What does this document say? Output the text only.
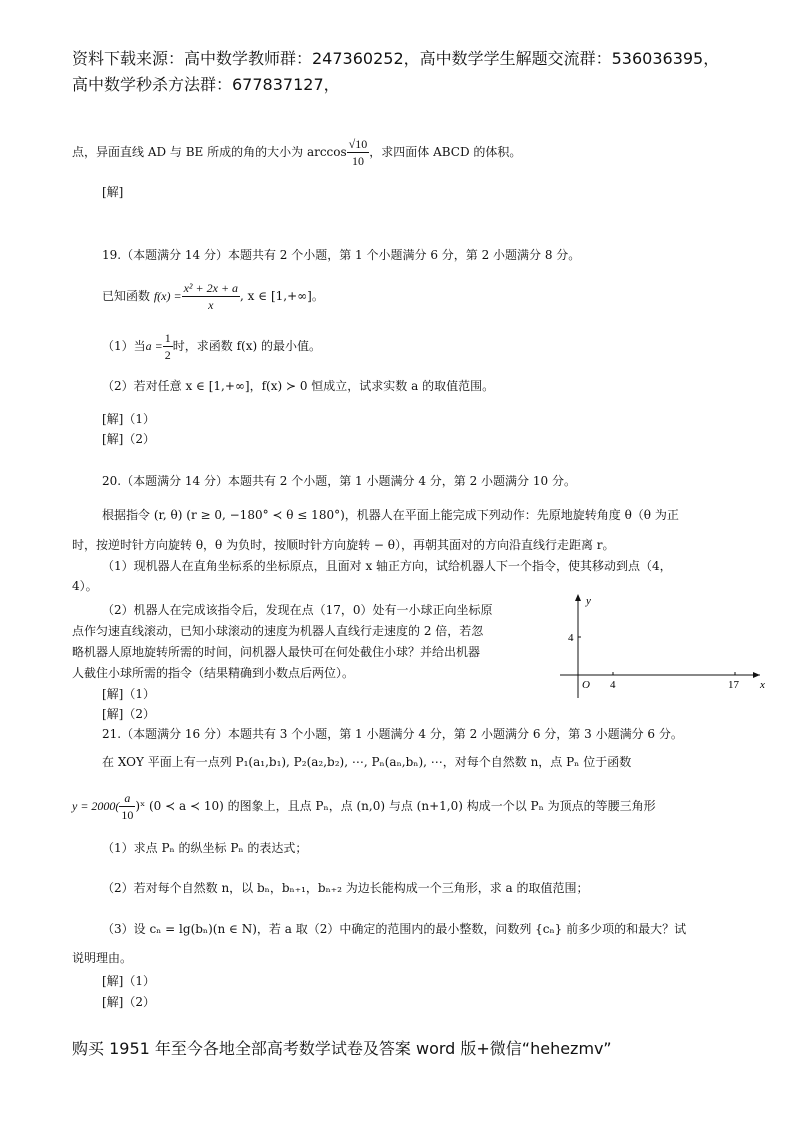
资料下载来源：高中数学教师群：247360252，高中数学学生解题交流群：536036395，
高中数学秒杀方法群：677837127，
点，异面直线 AD 与 BE 所成的角的大小为 $\arccos \frac{√10}{10}$ ，求四面体 ABCD 的体积。
[解]
19.（本题满分 14 分）本题共有 2 个小题，第 1 个小题满分 6 分，第 2 小题满分 8 分。
已知函数 $f(x) = \frac{\text{x² + 2x + a}}{x}$ , x ∈ [1,+∞]。
（1）当$a = \frac{1}{2}$ 时，求函数 f(x) 的最小值。
（2）若对任意 x ∈ [1,+∞]，f(x) ≻ 0 恒成立，试求实数 a 的取值范围。
[解]（1）
[解]（2）
20.（本题满分 14 分）本题共有 2 个小题，第 1 小题满分 4 分，第 2 小题满分 10 分。
根据指令 (r, θ) (r ≥ 0, −180° ≺ θ ≤ 180°)，机器人在平面上能完成下列动作：先原地旋转角度 θ（θ 为正
时，按逆时针方向旋转 θ，θ 为负时，按顺时针方向旋转 − θ），再朝其面对的方向沿直线行走距离 r。
（1）现机器人在直角坐标系的坐标原点，且面对 x 轴正方向，试给机器人下一个指令，使其移动到点（4，
4）。
（2）机器人在完成该指令后，发现在点（17，0）处有一小球正向坐标原
点作匀速直线滚动，已知小球滚动的速度为机器人直线行走速度的 2 倍，若忽
略机器人原地旋转所需的时间，问机器人最快可在何处截住小球？并给出机器
人截住小球所需的指令（结果精确到小数点后两位）。
[解]（1）
[解]（2）
y
x
O 4	17
4
21.（本题满分 16 分）本题共有 3 个小题，第 1 小题满分 4 分，第 2 小题满分 6 分，第 3 小题满分 6 分。
在 XOY 平面上有一点列 P₁(a₁,b₁), P₂(a₂,b₂), ⋯, Pₙ(aₙ,bₙ), ⋯，对每个自然数 n，点 Pₙ 位于函数
$y = 2000( \frac{a}{10}$ )ˣ (0 ≺ a ≺ 10) 的图象上，且点 Pₙ，点 (n,0) 与点 (n+1,0) 构成一个以 Pₙ 为顶点的等腰三角形
（1）求点 Pₙ 的纵坐标 Pₙ 的表达式；
（2）若对每个自然数 n，以 bₙ，bₙ₊₁，bₙ₊₂ 为边长能构成一个三角形，求 a 的取值范围；
（3）设 cₙ = lg(bₙ)(n ∈ N)，若 a 取（2）中确定的范围内的最小整数，问数列 {cₙ} 前多少项的和最大？试
说明理由。
[解]（1）
[解]（2）
购买 1951 年至今各地全部高考数学试卷及答案 word 版+微信“hehezmv”
